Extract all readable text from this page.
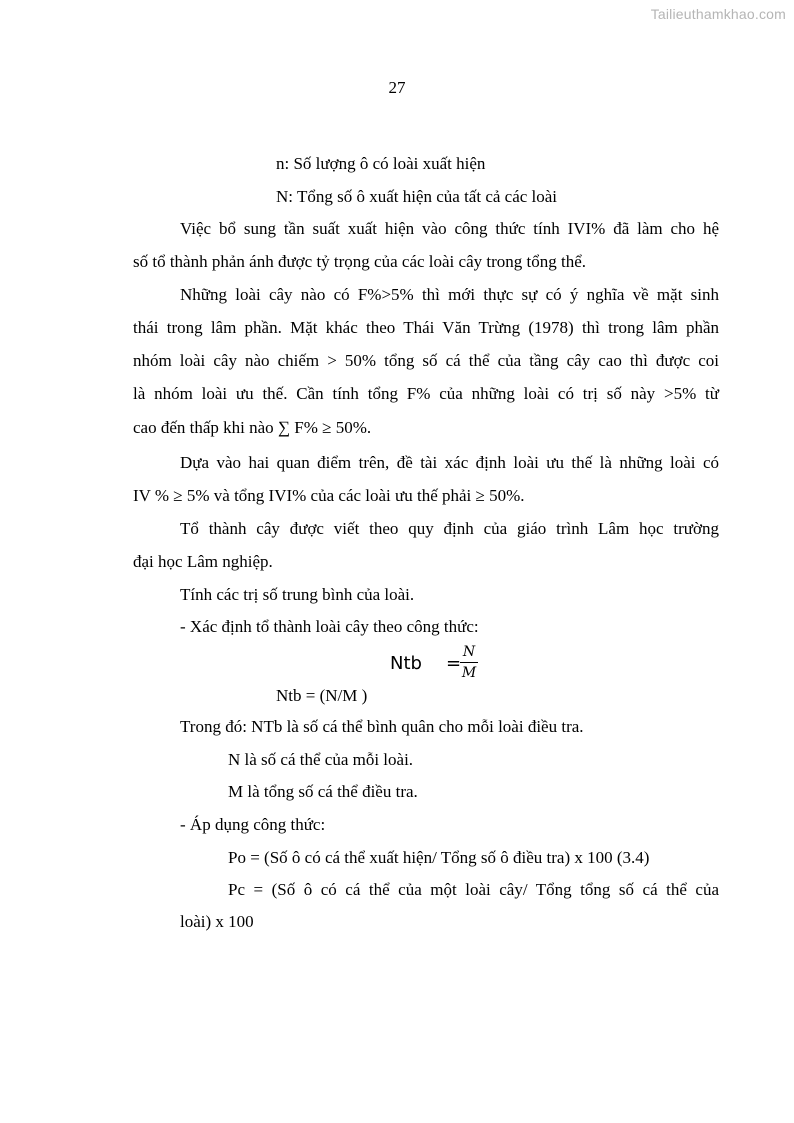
Tailieuthamkhao.com
27
n: Số lượng ô có loài xuất hiện
N: Tổng số ô xuất hiện của tất cả các loài
Việc bổ sung tần suất xuất hiện vào công thức tính IVI% đã làm cho hệ
số tổ thành phản ánh được tỷ trọng của các loài cây trong tổng thể.
Những loài cây nào có F%>5% thì mới thực sự có ý nghĩa về mặt sinh
thái trong lâm phần. Mặt khác theo Thái Văn Trừng (1978) thì trong lâm phần
nhóm loài cây nào chiếm > 50% tổng số cá thể của tầng cây cao thì được coi
là nhóm loài ưu thế. Cần tính tổng F% của những loài có trị số này >5% từ
cao đến thấp khi nào ∑ F% ≥ 50%.
Dựa vào hai quan điểm trên, đề tài xác định loài ưu thế là những loài có
IV % ≥ 5% và tổng IVI% của các loài ưu thế phải ≥ 50%.
Tổ thành cây được viết theo quy định của giáo trình Lâm học trường
đại học Lâm nghiệp.
Tính các trị số trung bình của loài.
- Xác định tổ thành loài cây theo công thức:
Ntb =
N
M
Ntb = (N/M )
Trong đó: NTb là số cá thể bình quân cho mỗi loài điều tra.
N là số cá thể của mỗi loài.
M là tổng số cá thể điều tra.
- Áp dụng công thức:
Po = (Số ô có cá thể xuất hiện/ Tổng số ô điều tra) x 100 (3.4)
Pc = (Số ô có cá thể của một loài cây/ Tổng tổng số cá thể của
loài) x 100
